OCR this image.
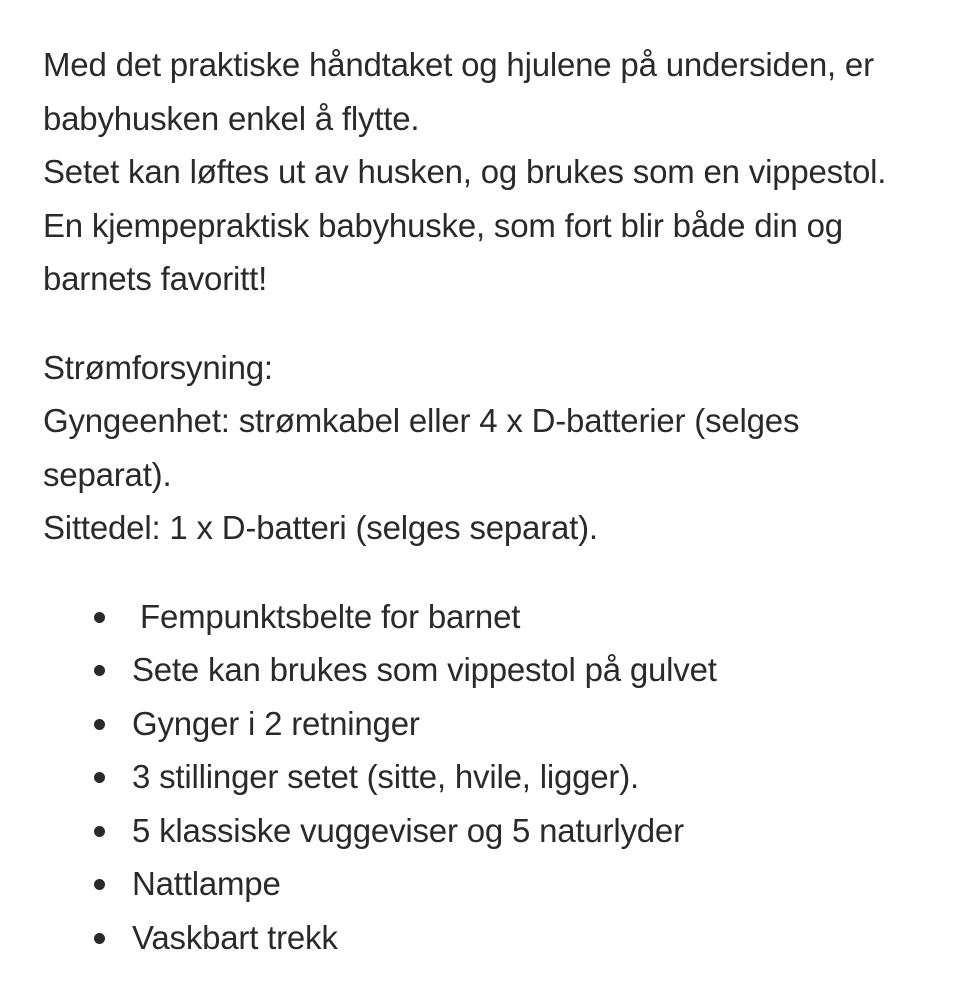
Med det praktiske håndtaket og hjulene på undersiden, er
babyhusken enkel å flytte.
Setet kan løftes ut av husken, og brukes som en vippestol.
En kjempepraktisk babyhuske, som fort blir både din og
barnets favoritt!

Strømforsyning:
Gyngeenhet: strømkabel eller 4 x D-batterier (selges
separat).
Sittedel: 1 x D-batteri (selges separat).

Fempunktsbelte for barnet
Sete kan brukes som vippestol på gulvet
Gynger i 2 retninger
3 stillinger setet (sitte, hvile, ligger).
5 klassiske vuggeviser og 5 naturlyder
Nattlampe
Vaskbart trekk
